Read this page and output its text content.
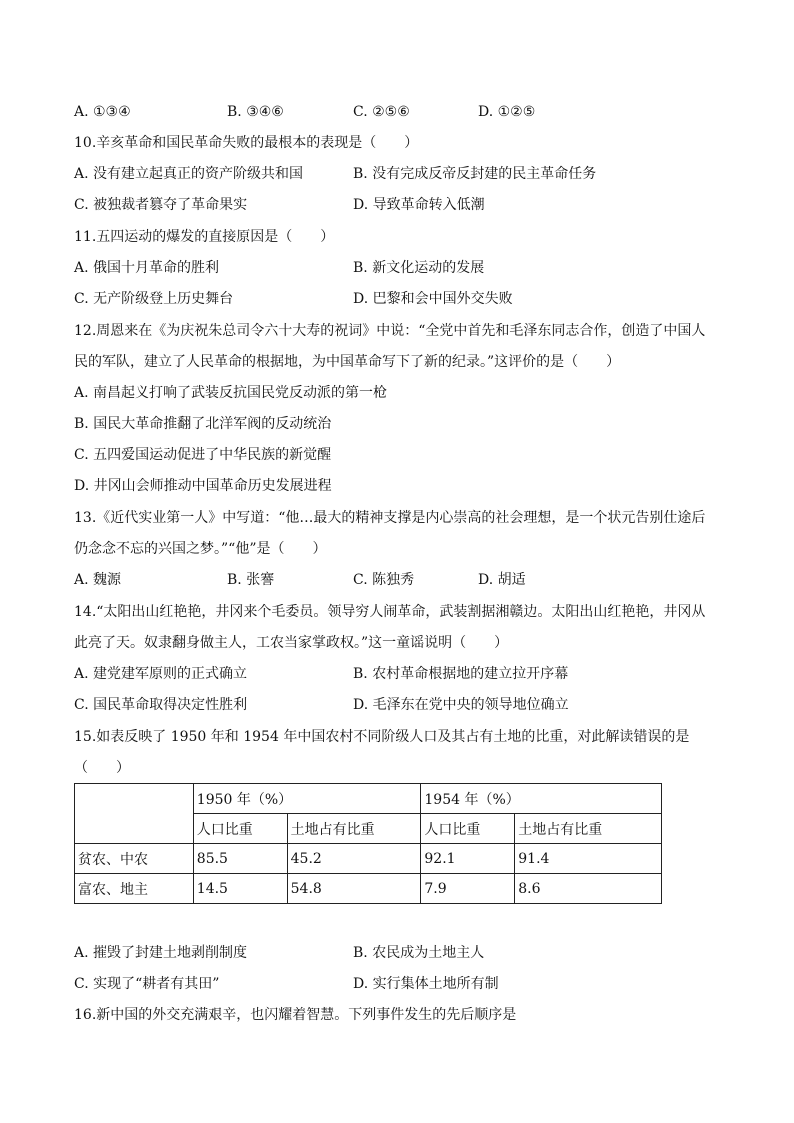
A. ①③④	B. ③④⑥	C. ②⑤⑥	D. ①②⑤
10.辛亥革命和国民革命失败的最根本的表现是（　　）
A. 没有建立起真正的资产阶级共和国	B. 没有完成反帝反封建的民主革命任务
C. 被独裁者篡夺了革命果实	D. 导致革命转入低潮
11.五四运动的爆发的直接原因是（　　）
A. 俄国十月革命的胜利	B. 新文化运动的发展
C. 无产阶级登上历史舞台	D. 巴黎和会中国外交失败
12.周恩来在《为庆祝朱总司令六十大寿的祝词》中说：“全党中首先和毛泽东同志合作，创造了中国人
民的军队，建立了人民革命的根据地，为中国革命写下了新的纪录。”这评价的是（　　）
A. 南昌起义打响了武装反抗国民党反动派的第一枪
B. 国民大革命推翻了北洋军阀的反动统治
C. 五四爱国运动促进了中华民族的新觉醒
D. 井冈山会师推动中国革命历史发展进程
13.《近代实业第一人》中写道：“他…最大的精神支撑是内心崇高的社会理想，是一个状元告别仕途后
仍念念不忘的兴国之梦。”“他”是（　　）
A. 魏源	B. 张謇	C. 陈独秀	D. 胡适
14.“太阳出山红艳艳，井冈来个毛委员。领导穷人闹革命，武装割据湘赣边。太阳出山红艳艳，井冈从
此亮了天。奴隶翻身做主人，工农当家掌政权。”这一童谣说明（　　）
A. 建党建军原则的正式确立	B. 农村革命根据地的建立拉开序幕
C. 国民革命取得决定性胜利	D. 毛泽东在党中央的领导地位确立
15.如表反映了 1950 年和 1954 年中国农村不同阶级人口及其占有土地的比重，对此解读错误的是
（　　）
	1950 年（%）		1954 年（%）	
	人口比重	土地占有比重	人口比重	土地占有比重
贫农、中农	85.5	45.2	92.1	91.4
富农、地主	14.5	54.8	7.9	8.6
A. 摧毁了封建土地剥削制度	B. 农民成为土地主人
C. 实现了“耕者有其田”	D. 实行集体土地所有制
16.新中国的外交充满艰辛，也闪耀着智慧。下列事件发生的先后顺序是
